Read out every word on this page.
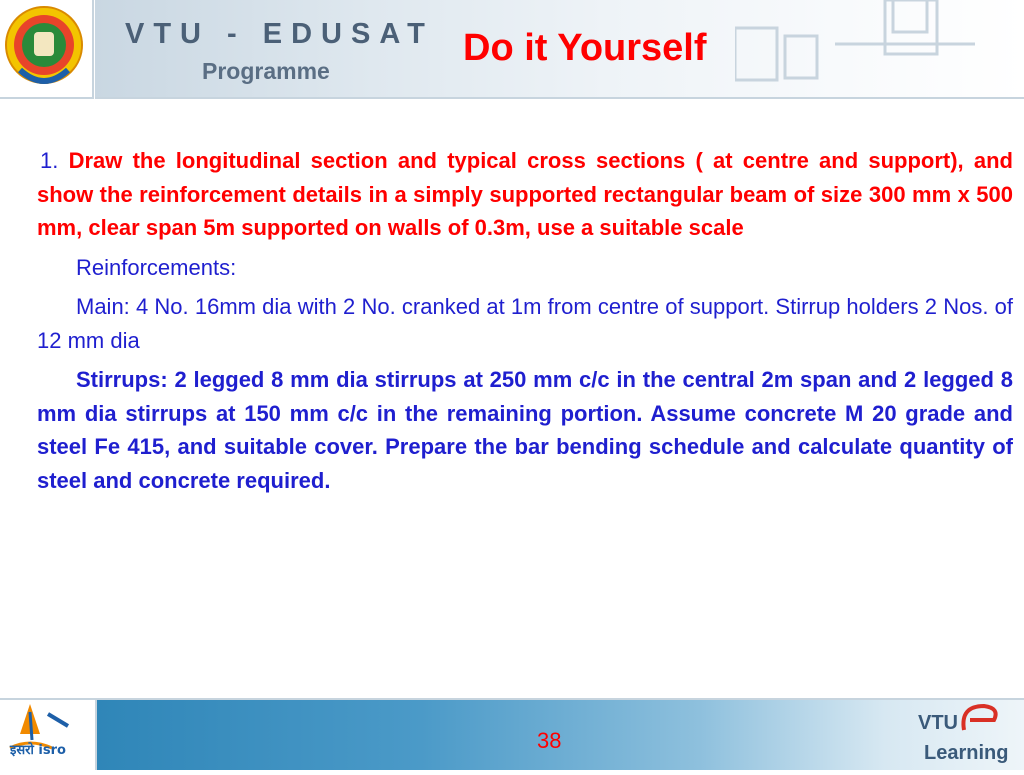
VTU - EDUSAT
Programme
Do it Yourself

1. Draw the longitudinal section and typical cross sections ( at centre and support), and show the reinforcement details in a simply supported rectangular beam of size 300 mm x 500 mm, clear span 5m supported on walls of 0.3m, use a suitable scale

Reinforcements:

Main: 4 No. 16mm dia with 2 No. cranked at 1m from centre of support. Stirrup holders 2 Nos. of 12 mm dia

Stirrups: 2 legged 8 mm dia stirrups at 250 mm c/c in the central 2m span and 2 legged 8 mm dia stirrups at 150 mm c/c in the remaining portion. Assume concrete M 20 grade and steel Fe 415, and suitable cover. Prepare the bar bending schedule and calculate quantity of steel and concrete required.

इसरो isro	38
VTU
Learning
